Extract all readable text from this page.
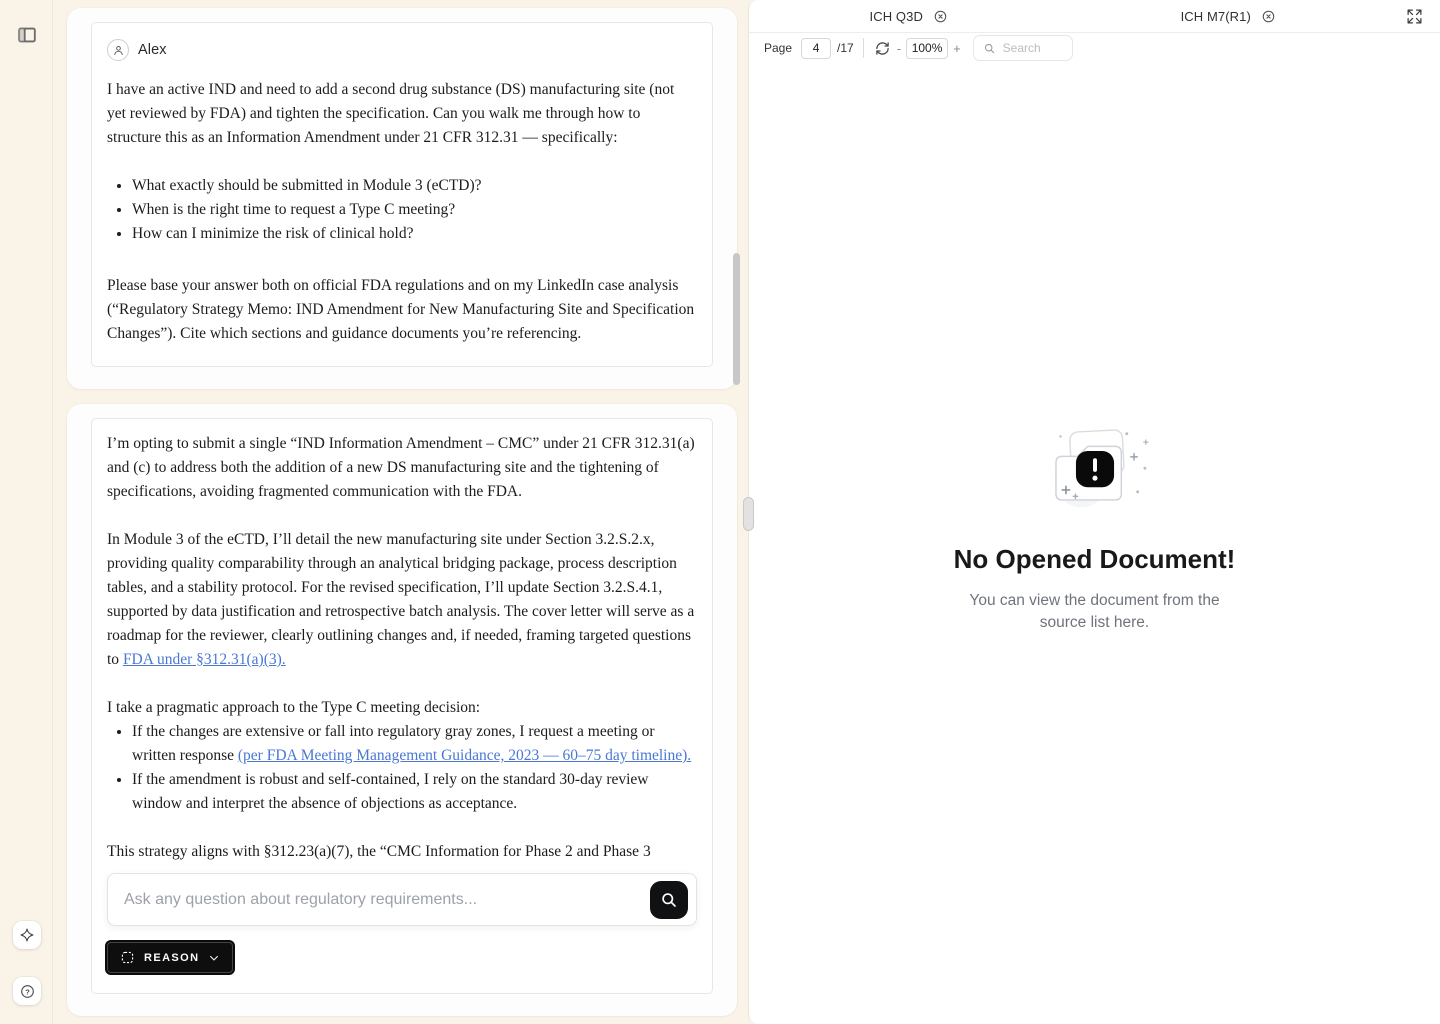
?
Alex

I have an active IND and need to add a second drug substance (DS) manufacturing site (not yet reviewed by FDA) and tighten the specification. Can you walk me through how to structure this as an Information Amendment under 21 CFR 312.31 — specifically:

• What exactly should be submitted in Module 3 (eCTD)?
• When is the right time to request a Type C meeting?
• How can I minimize the risk of clinical hold?

Please base your answer both on official FDA regulations and on my LinkedIn case analysis (“Regulatory Strategy Memo: IND Amendment for New Manufacturing Site and Specification Changes”). Cite which sections and guidance documents you’re referencing.

I’m opting to submit a single “IND Information Amendment – CMC” under 21 CFR 312.31(a) and (c) to address both the addition of a new DS manufacturing site and the tightening of specifications, avoiding fragmented communication with the FDA.

In Module 3 of the eCTD, I’ll detail the new manufacturing site under Section 3.2.S.2.x, providing quality comparability through an analytical bridging package, process description tables, and a stability protocol. For the revised specification, I’ll update Section 3.2.S.4.1, supported by data justification and retrospective batch analysis. The cover letter will serve as a roadmap for the reviewer, clearly outlining changes and, if needed, framing targeted questions to FDA under §312.31(a)(3).

I take a pragmatic approach to the Type C meeting decision:

• If the changes are extensive or fall into regulatory gray zones, I request a meeting or written response (per FDA Meeting Management Guidance, 2023 — 60–75 day timeline).
• If the amendment is robust and self-contained, I rely on the standard 30-day review window and interpret the absence of objections as acceptance.

This strategy aligns with §312.23(a)(7), the “CMC Information for Phase 2 and Phase 3

Ask any question about regulatory requirements...
REASON
ICH Q3D	ICH M7(R1)
Page
4	/17	-
100%	+
Search
No Opened Document!
You can view the document from the source list here.
